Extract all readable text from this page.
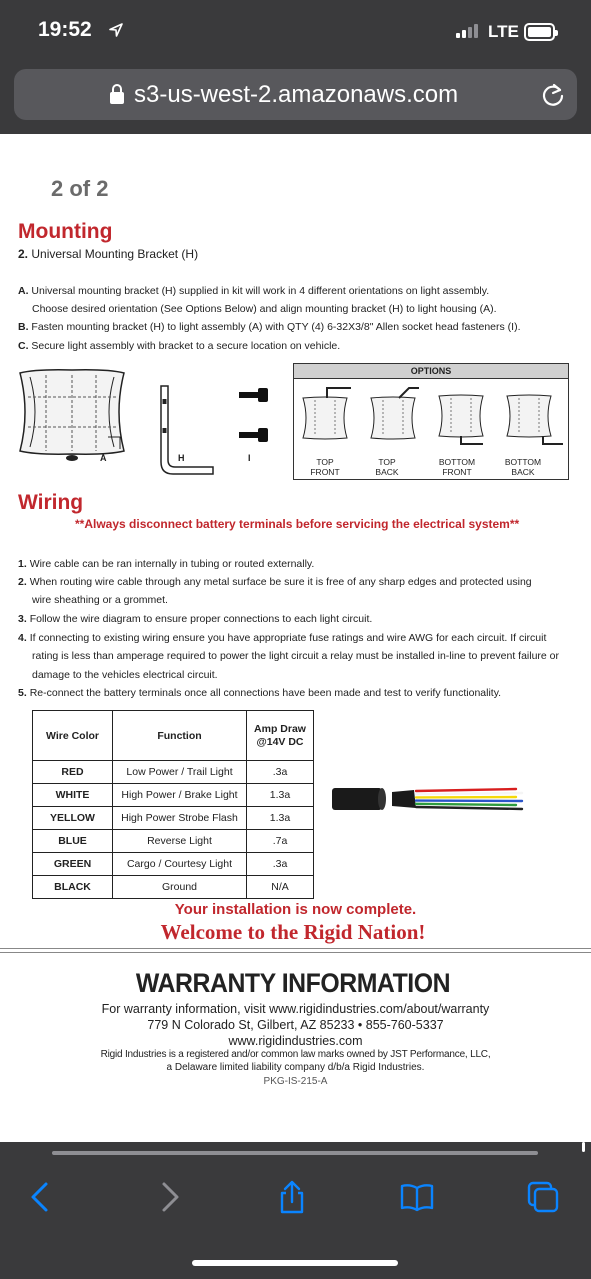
19:52	LTE
s3-us-west-2.amazonaws.com
2 of 2
Mounting
2. Universal Mounting Bracket (H)
A. Universal mounting bracket (H) supplied in kit will work in 4 different orientations on light assembly.
Choose desired orientation (See Options Below) and align mounting bracket (H) to light housing (A).
B. Fasten mounting bracket (H) to light assembly (A) with QTY (4) 6-32X3/8" Allen socket head fasteners (I).
C. Secure light assembly with bracket to a secure location on vehicle.
A	H	I
OPTIONS
TOP
FRONT
TOP
BACK
BOTTOM
FRONT
BOTTOM
BACK
Wiring
**Always disconnect battery terminals before servicing the electrical system**
1. Wire cable can be ran internally in tubing or routed externally.
2. When routing wire cable through any metal surface be sure it is free of any sharp edges and protected using
wire sheathing or a grommet.
3. Follow the wire diagram to ensure proper connections to each light circuit.
4. If connecting to existing wiring ensure you have appropriate fuse ratings and wire AWG for each circuit. If circuit
rating is less than amperage required to power the light circuit a relay must be installed in-line to prevent failure or
damage to the vehicles electrical circuit.
5. Re-connect the battery terminals once all connections have been made and test to verify functionality.
Wire Color	Function	Amp Draw @14V DC
RED	Low Power / Trail Light	.3a
WHITE	High Power / Brake Light	1.3a
YELLOW	High Power Strobe Flash	1.3a
BLUE	Reverse Light	.7a
GREEN	Cargo / Courtesy Light	.3a
BLACK	Ground	N/A
Your installation is now complete.
Welcome to the Rigid Nation!
WARRANTY INFORMATION
For warranty information, visit www.rigidindustries.com/about/warranty
779 N Colorado St, Gilbert, AZ 85233 • 855-760-5337
www.rigidindustries.com
Rigid Industries is a registered and/or common law marks owned by JST Performance, LLC,
a Delaware limited liability company d/b/a Rigid Industries.
PKG-IS-215-A
